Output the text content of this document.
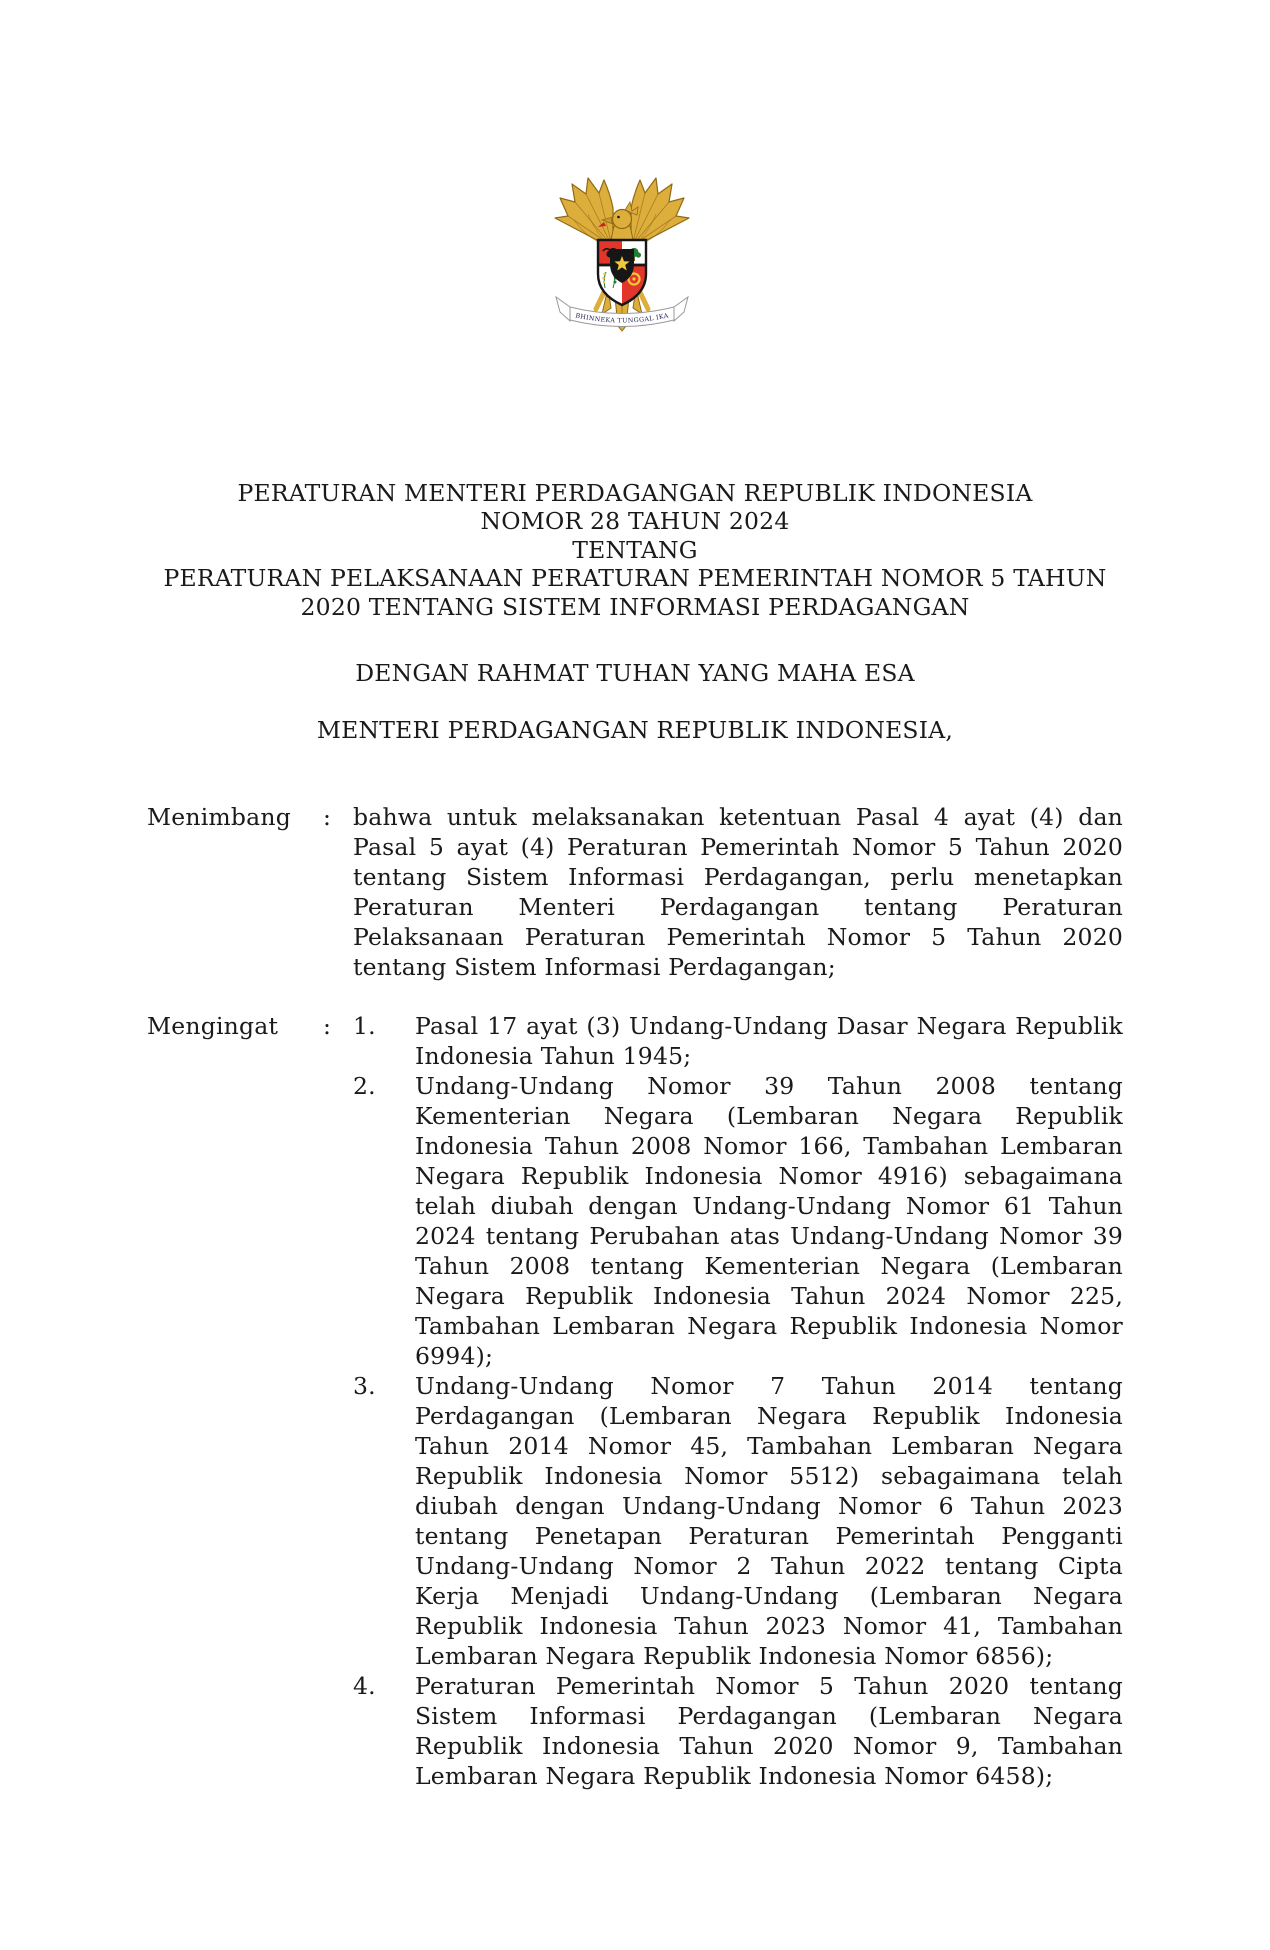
BHINNEKA TUNGGAL IKA
PERATURAN MENTERI PERDAGANGAN REPUBLIK INDONESIA
NOMOR 28 TAHUN 2024
TENTANG
PERATURAN PELAKSANAAN PERATURAN PEMERINTAH NOMOR 5 TAHUN
2020 TENTANG SISTEM INFORMASI PERDAGANGAN
DENGAN RAHMAT TUHAN YANG MAHA ESA
MENTERI PERDAGANGAN REPUBLIK INDONESIA,
Menimbang	: bahwa untuk melaksanakan ketentuan Pasal 4 ayat (4) dan
Pasal 5 ayat (4) Peraturan Pemerintah Nomor 5 Tahun 2020
tentang Sistem Informasi Perdagangan, perlu menetapkan
Peraturan Menteri Perdagangan tentang Peraturan
Pelaksanaan Peraturan Pemerintah Nomor 5 Tahun 2020
tentang Sistem Informasi Perdagangan;
Mengingat	: 1.	Pasal 17 ayat (3) Undang-Undang Dasar Negara Republik
Indonesia Tahun 1945;
2.	Undang-Undang Nomor 39 Tahun 2008 tentang
Kementerian Negara (Lembaran Negara Republik
Indonesia Tahun 2008 Nomor 166, Tambahan Lembaran
Negara Republik Indonesia Nomor 4916) sebagaimana
telah diubah dengan Undang-Undang Nomor 61 Tahun
2024 tentang Perubahan atas Undang-Undang Nomor 39
Tahun 2008 tentang Kementerian Negara (Lembaran
Negara Republik Indonesia Tahun 2024 Nomor 225,
Tambahan Lembaran Negara Republik Indonesia Nomor
6994);
3.	Undang-Undang Nomor 7 Tahun 2014 tentang
Perdagangan (Lembaran Negara Republik Indonesia
Tahun 2014 Nomor 45, Tambahan Lembaran Negara
Republik Indonesia Nomor 5512) sebagaimana telah
diubah dengan Undang-Undang Nomor 6 Tahun 2023
tentang Penetapan Peraturan Pemerintah Pengganti
Undang-Undang Nomor 2 Tahun 2022 tentang Cipta
Kerja Menjadi Undang-Undang (Lembaran Negara
Republik Indonesia Tahun 2023 Nomor 41, Tambahan
Lembaran Negara Republik Indonesia Nomor 6856);
4.	Peraturan Pemerintah Nomor 5 Tahun 2020 tentang
Sistem Informasi Perdagangan (Lembaran Negara
Republik Indonesia Tahun 2020 Nomor 9, Tambahan
Lembaran Negara Republik Indonesia Nomor 6458);
